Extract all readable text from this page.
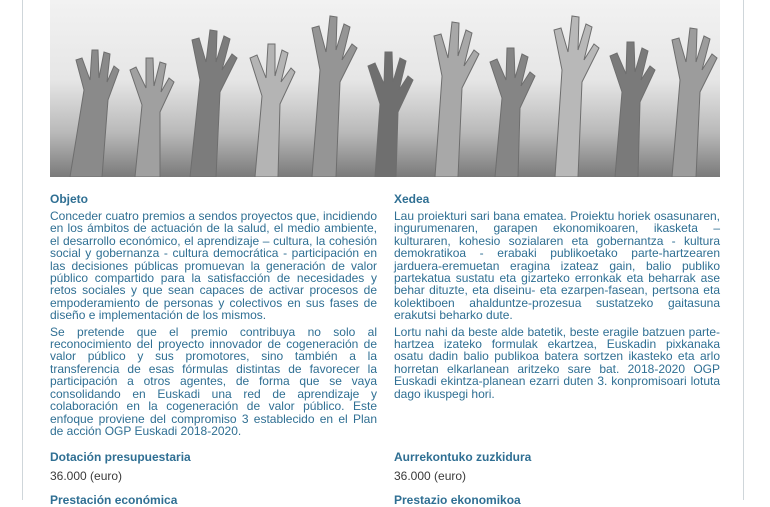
Objeto

Conceder cuatro premios a sendos proyectos que, incidiendo en los ámbitos de actuación de la salud, el medio ambiente, el desarrollo económico, el aprendizaje – cultura, la cohesión social y gobernanza - cultura democrática - participación en las decisiones públicas promuevan la generación de valor público compartido para la satisfacción de necesidades y retos sociales y que sean capaces de activar procesos de empoderamiento de personas y colectivos en sus fases de diseño e implementación de los mismos.

Se pretende que el premio contribuya no solo al reconocimiento del proyecto innovador de cogeneración de valor público y sus promotores, sino también a la transferencia de esas fórmulas distintas de favorecer la participación a otros agentes, de forma que se vaya consolidando en Euskadi una red de aprendizaje y colaboración en la cogeneración de valor público. Este enfoque proviene del compromiso 3 establecido en el Plan de acción OGP Euskadi 2018-2020.

Xedea

Lau proiekturi sari bana ematea. Proiektu horiek osasunaren, ingurumenaren, garapen ekonomikoaren, ikasketa – kulturaren, kohesio sozialaren eta gobernantza - kultura demokratikoa - erabaki publikoetako parte-hartzearen jarduera-eremuetan eragina izateaz gain, balio publiko partekatua sustatu eta gizarteko erronkak eta beharrak ase behar dituzte, eta diseinu- eta ezarpen-fasean, pertsona eta kolektiboen ahalduntze-prozesua sustatzeko gaitasuna erakutsi beharko dute.

Lortu nahi da beste alde batetik, beste eragile batzuen parte-hartzea izateko formulak ekartzea, Euskadin pixkanaka osatu dadin balio publikoa batera sortzen ikasteko eta arlo horretan elkarlanean aritzeko sare bat. 2018-2020 OGP Euskadi ekintza-planean ezarri duten 3. konpromisoari lotuta dago ikuspegi hori.

Dotación presupuestaria
36.000 (euro)
Prestación económica
Aurrekontuko zuzkidura
36.000 (euro)
Prestazio ekonomikoa
